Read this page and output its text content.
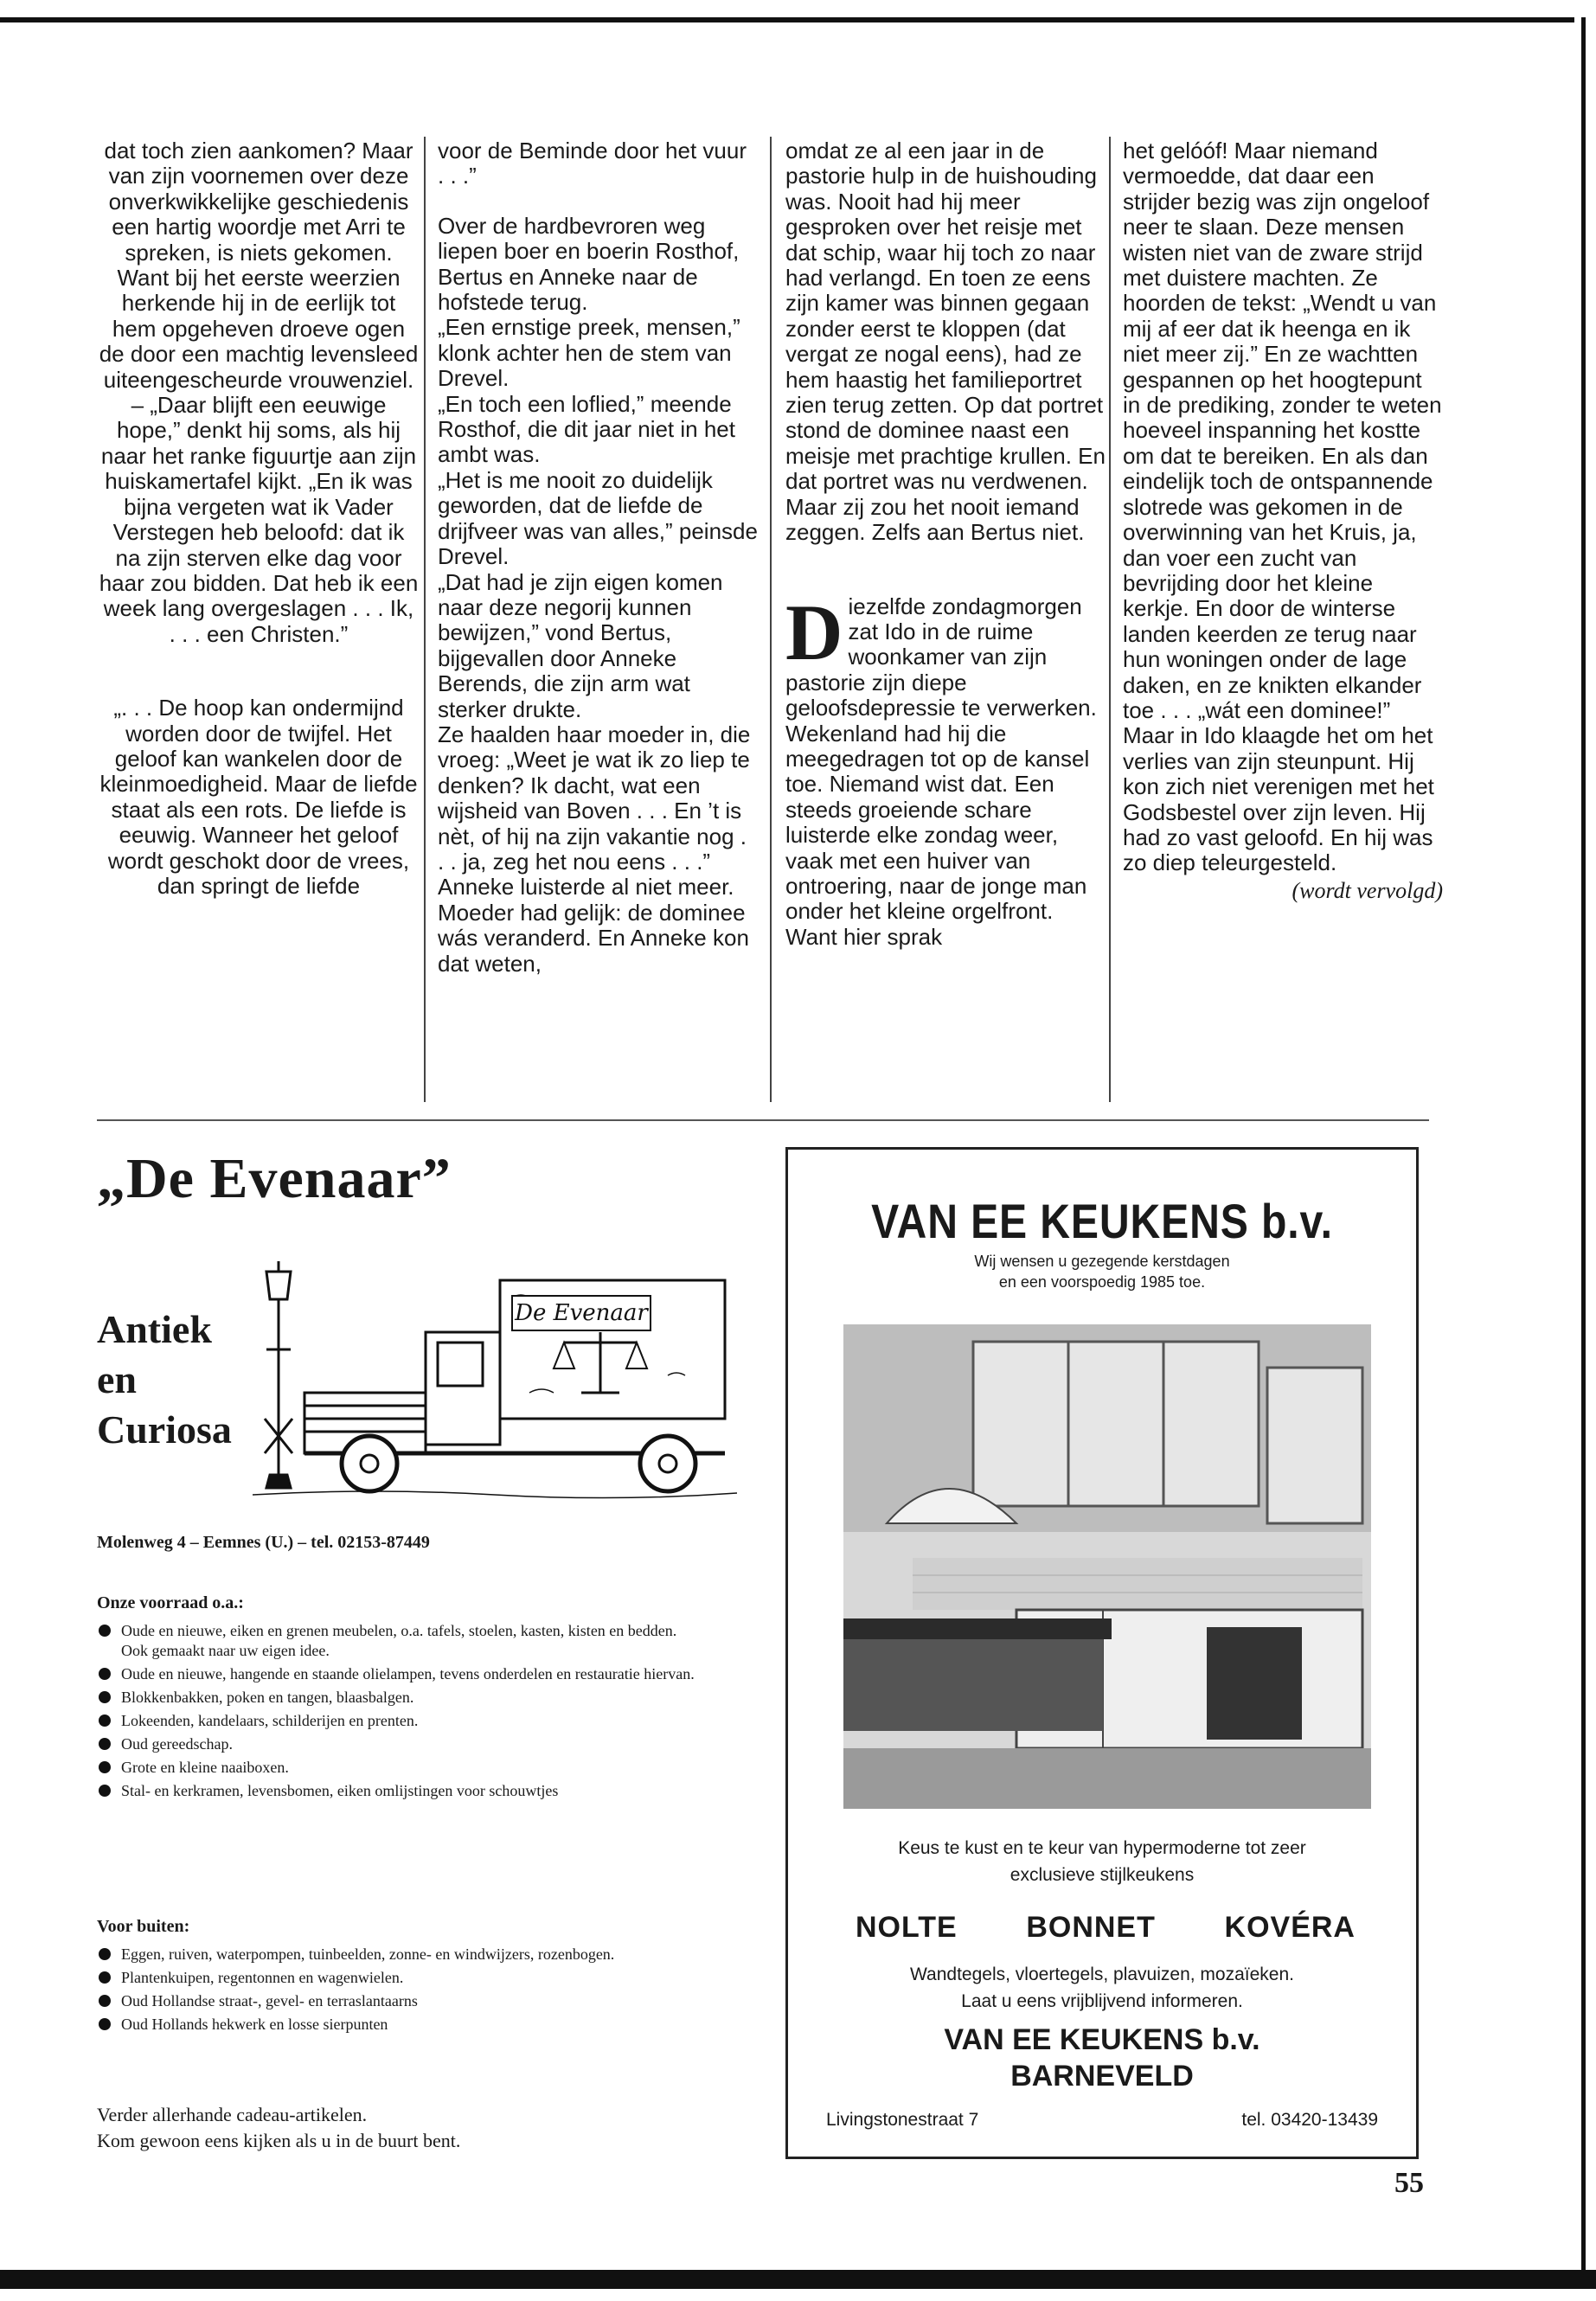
dat toch zien aankomen? Maar van zijn voornemen over deze onverkwikkelijke geschiedenis een hartig woordje met Arri te spreken, is niets gekomen. Want bij het eerste weerzien herkende hij in de eerlijk tot hem opgeheven droeve ogen de door een machtig levensleed uiteengescheurde vrouwenziel. – „Daar blijft een eeuwige hope,” denkt hij soms, als hij naar het ranke figuurtje aan zijn huiskamertafel kijkt. „En ik was bijna vergeten wat ik Vader Verstegen heb beloofd: dat ik na zijn sterven elke dag voor haar zou bidden. Dat heb ik een week lang overgeslagen . . . Ik, . . . een Christen.”

„. . . De hoop kan ondermijnd worden door de twijfel. Het geloof kan wankelen door de kleinmoedigheid. Maar de liefde staat als een rots. De liefde is eeuwig. Wanneer het geloof wordt geschokt door de vrees, dan springt de liefde

voor de Beminde door het vuur . . .”

Over de hardbevroren weg liepen boer en boerin Rosthof, Bertus en Anneke naar de hofstede terug.

„Een ernstige preek, mensen,” klonk achter hen de stem van Drevel.

„En toch een loflied,” meende Rosthof, die dit jaar niet in het ambt was.

„Het is me nooit zo duidelijk geworden, dat de liefde de drijfveer was van alles,” peinsde Drevel.

„Dat had je zijn eigen komen naar deze negorij kunnen bewijzen,” vond Bertus, bijgevallen door Anneke Berends, die zijn arm wat sterker drukte.

Ze haalden haar moeder in, die vroeg: „Weet je wat ik zo liep te denken? Ik dacht, wat een wijsheid van Boven . . . En ’t is nèt, of hij na zijn vakantie nog . . . ja, zeg het nou eens . . .”

Anneke luisterde al niet meer. Moeder had gelijk: de dominee wás veranderd. En Anneke kon dat weten,

omdat ze al een jaar in de pastorie hulp in de huishouding was. Nooit had hij meer gesproken over het reisje met dat schip, waar hij toch zo naar had verlangd. En toen ze eens zijn kamer was binnen gegaan zonder eerst te kloppen (dat vergat ze nogal eens), had ze hem haastig het familieportret zien terug zetten. Op dat portret stond de dominee naast een meisje met prachtige krullen. En dat portret was nu verdwenen. Maar zij zou het nooit iemand zeggen. Zelfs aan Bertus niet.

Diezelfde zondagmorgen zat Ido in de ruime woonkamer van zijn pastorie zijn diepe geloofsdepressie te verwerken. Wekenland had hij die meegedragen tot op de kansel toe. Niemand wist dat. Een steeds groeiende schare luisterde elke zondag weer, vaak met een huiver van ontroering, naar de jonge man onder het kleine orgelfront. Want hier sprak

het gelóóf! Maar niemand vermoedde, dat daar een strijder bezig was zijn ongeloof neer te slaan. Deze mensen wisten niet van de zware strijd met duistere machten. Ze hoorden de tekst: „Wendt u van mij af eer dat ik heenga en ik niet meer zij.” En ze wachtten gespannen op het hoogtepunt in de prediking, zonder te weten hoeveel inspanning het kostte om dat te bereiken. En als dan eindelijk toch de ontspannende slotrede was gekomen in de overwinning van het Kruis, ja, dan voer een zucht van bevrijding door het kleine kerkje. En door de winterse landen keerden ze terug naar hun woningen onder de lage daken, en ze knikten elkander toe . . . „wát een dominee!”

Maar in Ido klaagde het om het verlies van zijn steunpunt. Hij kon zich niet verenigen met het Godsbestel over zijn leven. Hij had zo vast geloofd. En hij was zo diep teleurgesteld.

(wordt vervolgd)

„De Evenaar”
Antiek
en
Curiosa
De Evenaar
Molenweg 4 – Eemnes (U.) – tel. 02153-87449
Onze voorraad o.a.:
Oude en nieuwe, eiken en grenen meubelen, o.a. tafels, stoelen, kasten, kisten en bedden. Ook gemaakt naar uw eigen idee.
Oude en nieuwe, hangende en staande olielampen, tevens onderdelen en restauratie hiervan.
Blokkenbakken, poken en tangen, blaasbalgen.
Lokeenden, kandelaars, schilderijen en prenten.
Oud gereedschap.
Grote en kleine naaiboxen.
Stal- en kerkramen, levensbomen, eiken omlijstingen voor schouwtjes
Voor buiten:
Eggen, ruiven, waterpompen, tuinbeelden, zonne- en windwijzers, rozenbogen.
Plantenkuipen, regentonnen en wagenwielen.
Oud Hollandse straat-, gevel- en terraslantaarns
Oud Hollands hekwerk en losse sierpunten
Verder allerhande cadeau-artikelen.
Kom gewoon eens kijken als u in de buurt bent.
VAN EE KEUKENS b.v.
Wij wensen u gezegende kerstdagen
en een voorspoedig 1985 toe.
Keus te kust en te keur van hypermoderne tot zeer
exclusieve stijlkeukens
NOLTE BONNET KOVÉRA
Wandtegels, vloertegels, plavuizen, mozaïeken.
Laat u eens vrijblijvend informeren.
VAN EE KEUKENS b.v.
BARNEVELD
Livingstonestraat 7	tel. 03420-13439
55
